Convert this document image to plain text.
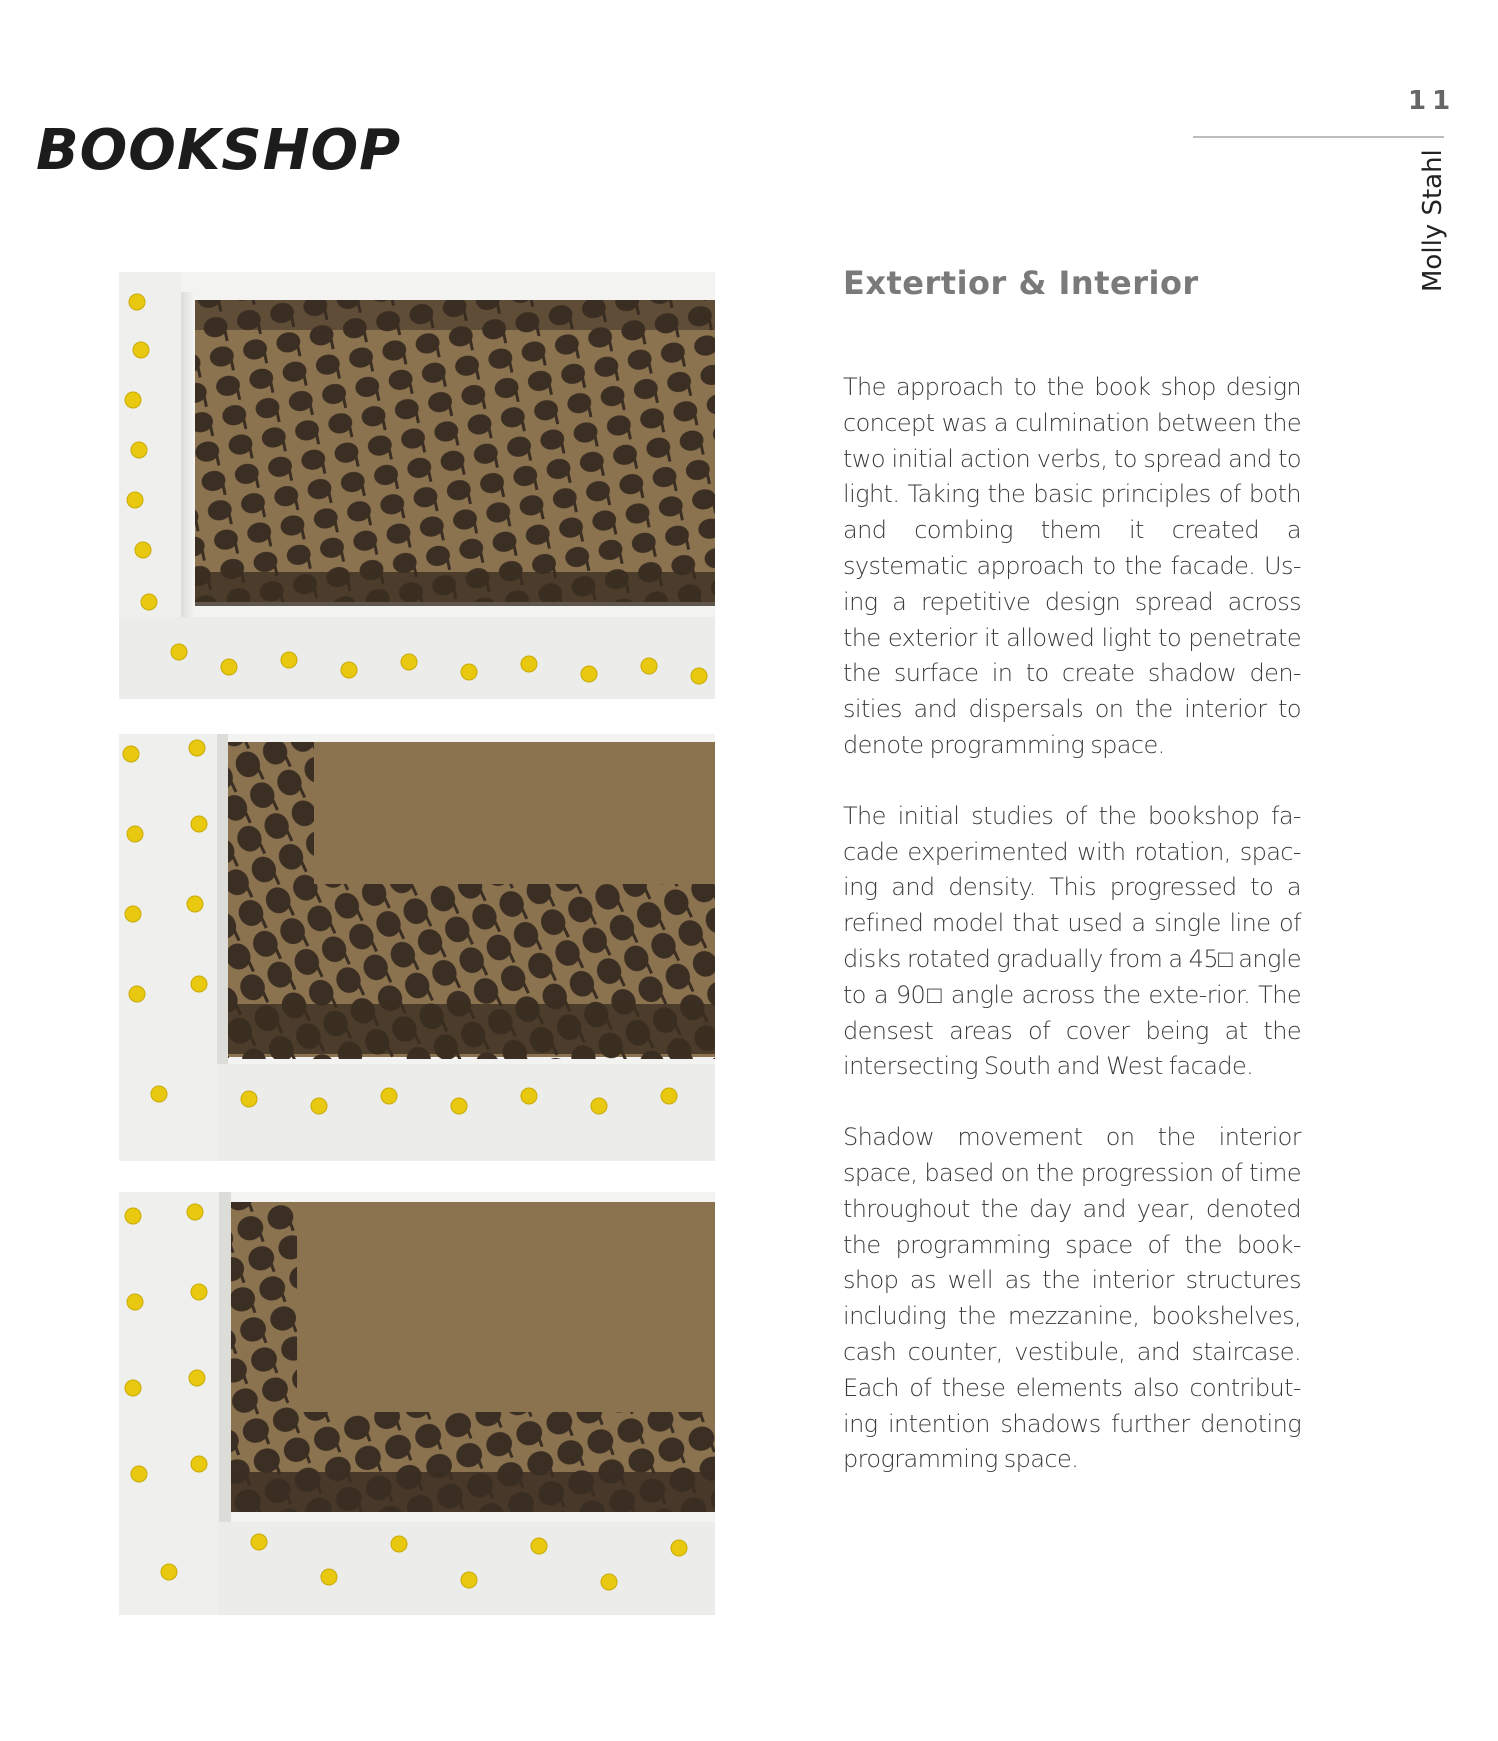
BOOKSHOP
11
Molly Stahl
Extertior & Interior

The approach to the book shop design concept was a culmination between the two initial action verbs, to spread and to light. Taking the basic principles of both and combing them it created a systematic approach to the facade. Us-ing a repetitive design spread across the exterior it allowed light to penetrate the surface in to create shadow den-sities and dispersals on the interior to denote programming space.

The initial studies of the bookshop fa-cade experimented with rotation, spac-ing and density. This progressed to a refined model that used a single line of disks rotated gradually from a 45□ angle to a 90□ angle across the exte-rior. The densest areas of cover being at the intersecting South and West facade.

Shadow movement on the interior space, based on the progression of time throughout the day and year, denoted the programming space of the book-shop as well as the interior structures including the mezzanine, bookshelves, cash counter, vestibule, and staircase. Each of these elements also contribut-ing intention shadows further denoting programming space.
